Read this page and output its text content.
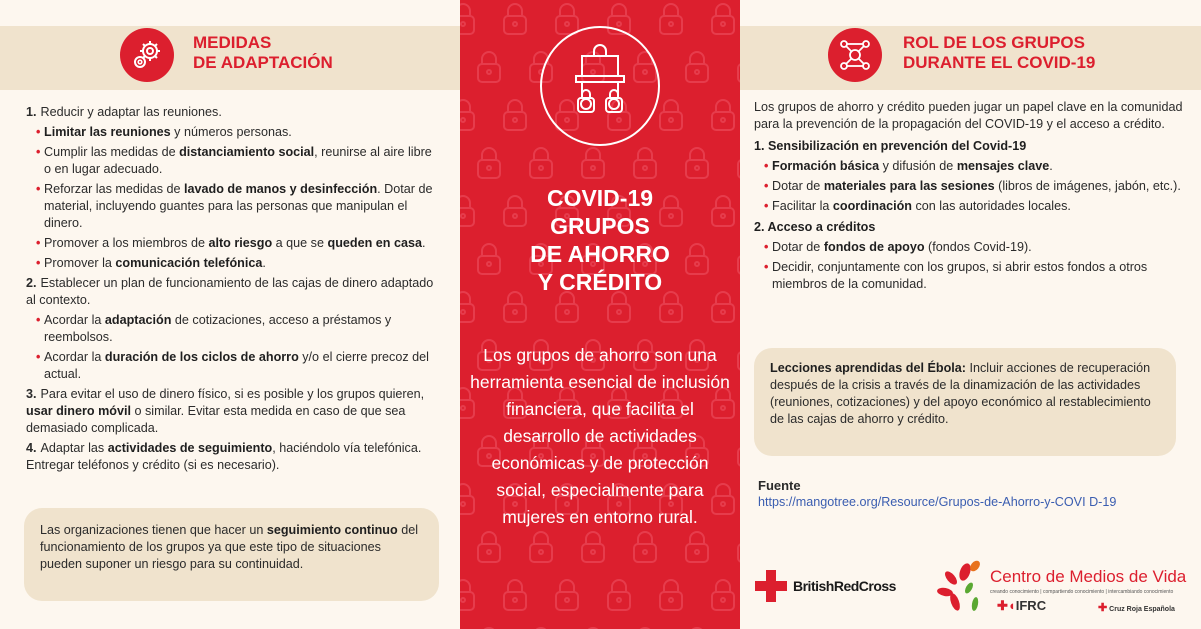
MEDIDAS
DE ADAPTACIÓN
1. Reducir y adaptar las reuniones.
• Limitar las reuniones y números personas.
• Cumplir las medidas de distanciamiento social, reunirse al aire libre o en lugar adecuado.
• Reforzar las medidas de lavado de manos y desinfección. Dotar de material, incluyendo guantes para las personas que manipulan el dinero.
• Promover a los miembros de alto riesgo a que se queden en casa.
• Promover la comunicación telefónica.
2. Establecer un plan de funcionamiento de las cajas de dinero adaptado al contexto.
• Acordar la adaptación de cotizaciones, acceso a préstamos y reembolsos.
• Acordar la duración de los ciclos de ahorro y/o el cierre precoz del actual.
3. Para evitar el uso de dinero físico, si es posible y los grupos quieren, usar dinero móvil o similar. Evitar esta medida en caso de que sea demasiado complicada.
4. Adaptar las actividades de seguimiento, haciéndolo vía telefónica. Entregar teléfonos y crédito (si es necesario).
Las organizaciones tienen que hacer un seguimiento continuo del funcionamiento de los grupos ya que este tipo de situaciones pueden suponer un riesgo para su continuidad.
COVID-19
GRUPOS
DE AHORRO
Y CRÉDITO
Los grupos de ahorro son una herramienta esencial de inclusión financiera, que facilita el desarrollo de actividades económicas y de protección social, especialmente para mujeres en entorno rural.
ROL DE LOS GRUPOS
DURANTE EL COVID-19
Los grupos de ahorro y crédito pueden jugar un papel clave en la comunidad para la prevención de la propagación del COVID-19 y el acceso a crédito.
1. Sensibilización en prevención del Covid-19
• Formación básica y difusión de mensajes clave.
• Dotar de materiales para las sesiones (libros de imágenes, jabón, etc.).
• Facilitar la coordinación con las autoridades locales.
2. Acceso a créditos
• Dotar de fondos de apoyo (fondos Covid-19).
• Decidir, conjuntamente con los grupos, si abrir estos fondos a otros miembros de la comunidad.
Lecciones aprendidas del Ébola: Incluir acciones de recuperación después de la crisis a través de la dinamización de las actividades (reuniones, cotizaciones) y del apoyo económico al restablecimiento de las cajas de ahorro y crédito.
Fuente
https://mangotree.org/Resource/Grupos-de-Ahorro-y-COVI D-19
BritishRedCross	Centro de Medios de Vida
creando conocimiento | compartiendo conocimiento | intercambiando conocimiento
✚◖IFRC	✚ Cruz Roja Española
